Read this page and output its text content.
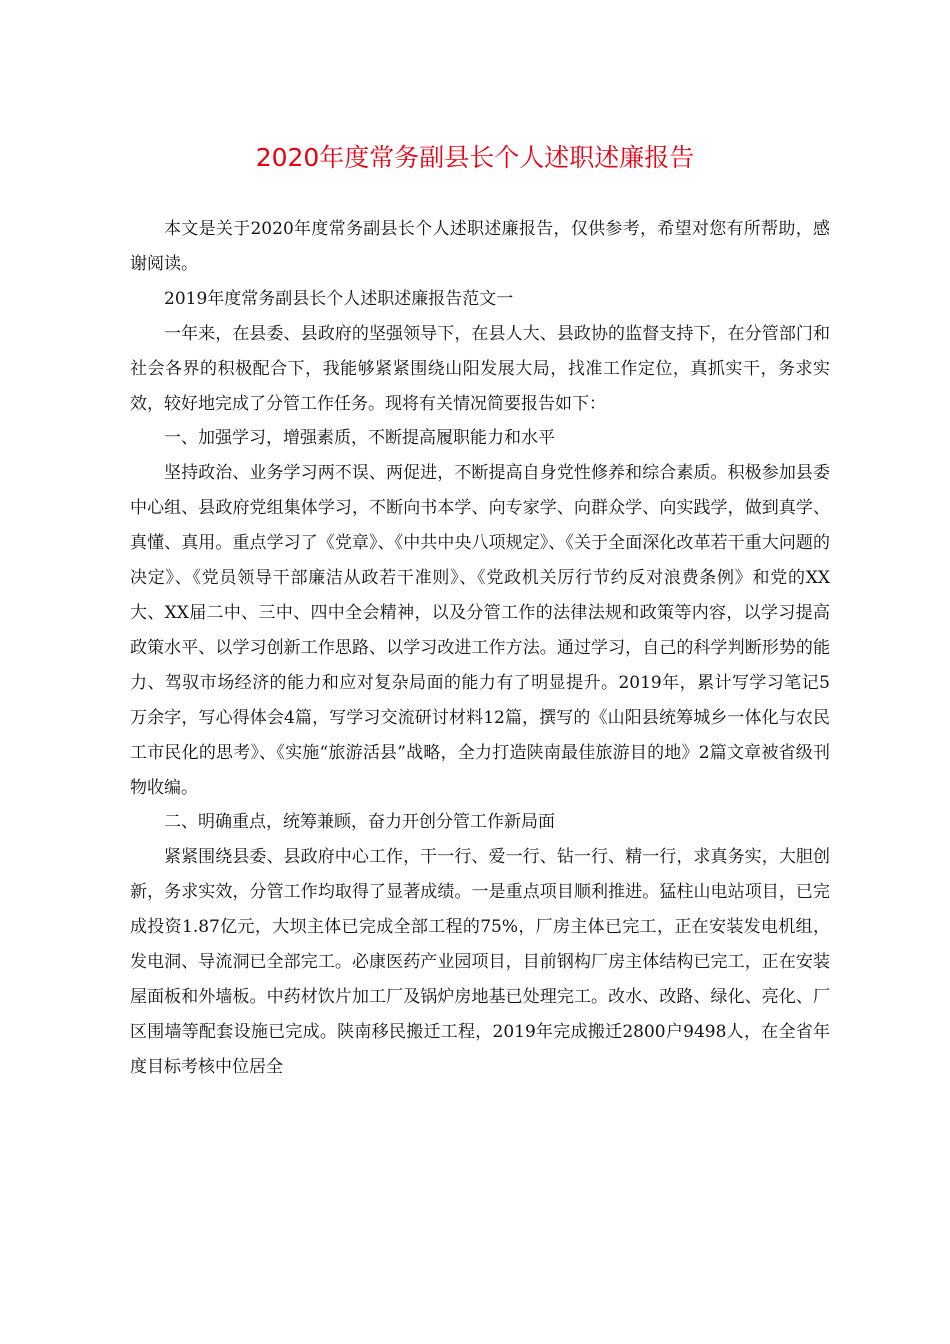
2020年度常务副县长个人述职述廉报告

本文是关于2020年度常务副县长个人述职述廉报告，仅供参考，希望对您有所帮助，感谢阅读。

2019年度常务副县长个人述职述廉报告范文一

一年来，在县委、县政府的坚强领导下，在县人大、县政协的监督支持下，在分管部门和社会各界的积极配合下，我能够紧紧围绕山阳发展大局，找准工作定位，真抓实干，务求实效，较好地完成了分管工作任务。现将有关情况简要报告如下：

一、加强学习，增强素质，不断提高履职能力和水平

坚持政治、业务学习两不误、两促进，不断提高自身党性修养和综合素质。积极参加县委中心组、县政府党组集体学习，不断向书本学、向专家学、向群众学、向实践学，做到真学、真懂、真用。重点学习了《党章》、《中共中央八项规定》、《关于全面深化改革若干重大问题的决定》、《党员领导干部廉洁从政若干准则》、《党政机关厉行节约反对浪费条例》和党的XX大、XX届二中、三中、四中全会精神，以及分管工作的法律法规和政策等内容，以学习提高政策水平、以学习创新工作思路、以学习改进工作方法。通过学习，自己的科学判断形势的能力、驾驭市场经济的能力和应对复杂局面的能力有了明显提升。2019年，累计写学习笔记5万余字，写心得体会4篇，写学习交流研讨材料12篇，撰写的《山阳县统筹城乡一体化与农民工市民化的思考》、《实施“旅游活县”战略，全力打造陕南最佳旅游目的地》2篇文章被省级刊物收编。

二、明确重点，统筹兼顾，奋力开创分管工作新局面

紧紧围绕县委、县政府中心工作，干一行、爱一行、钻一行、精一行，求真务实，大胆创新，务求实效，分管工作均取得了显著成绩。一是重点项目顺利推进。猛柱山电站项目，已完成投资1.87亿元，大坝主体已完成全部工程的75%，厂房主体已完工，正在安装发电机组，发电洞、导流洞已全部完工。必康医药产业园项目，目前钢构厂房主体结构已完工，正在安装屋面板和外墙板。中药材饮片加工厂及锅炉房地基已处理完工。改水、改路、绿化、亮化、厂区围墙等配套设施已完成。陕南移民搬迁工程，2019年完成搬迁2800户9498人，在全省年度目标考核中位居全
